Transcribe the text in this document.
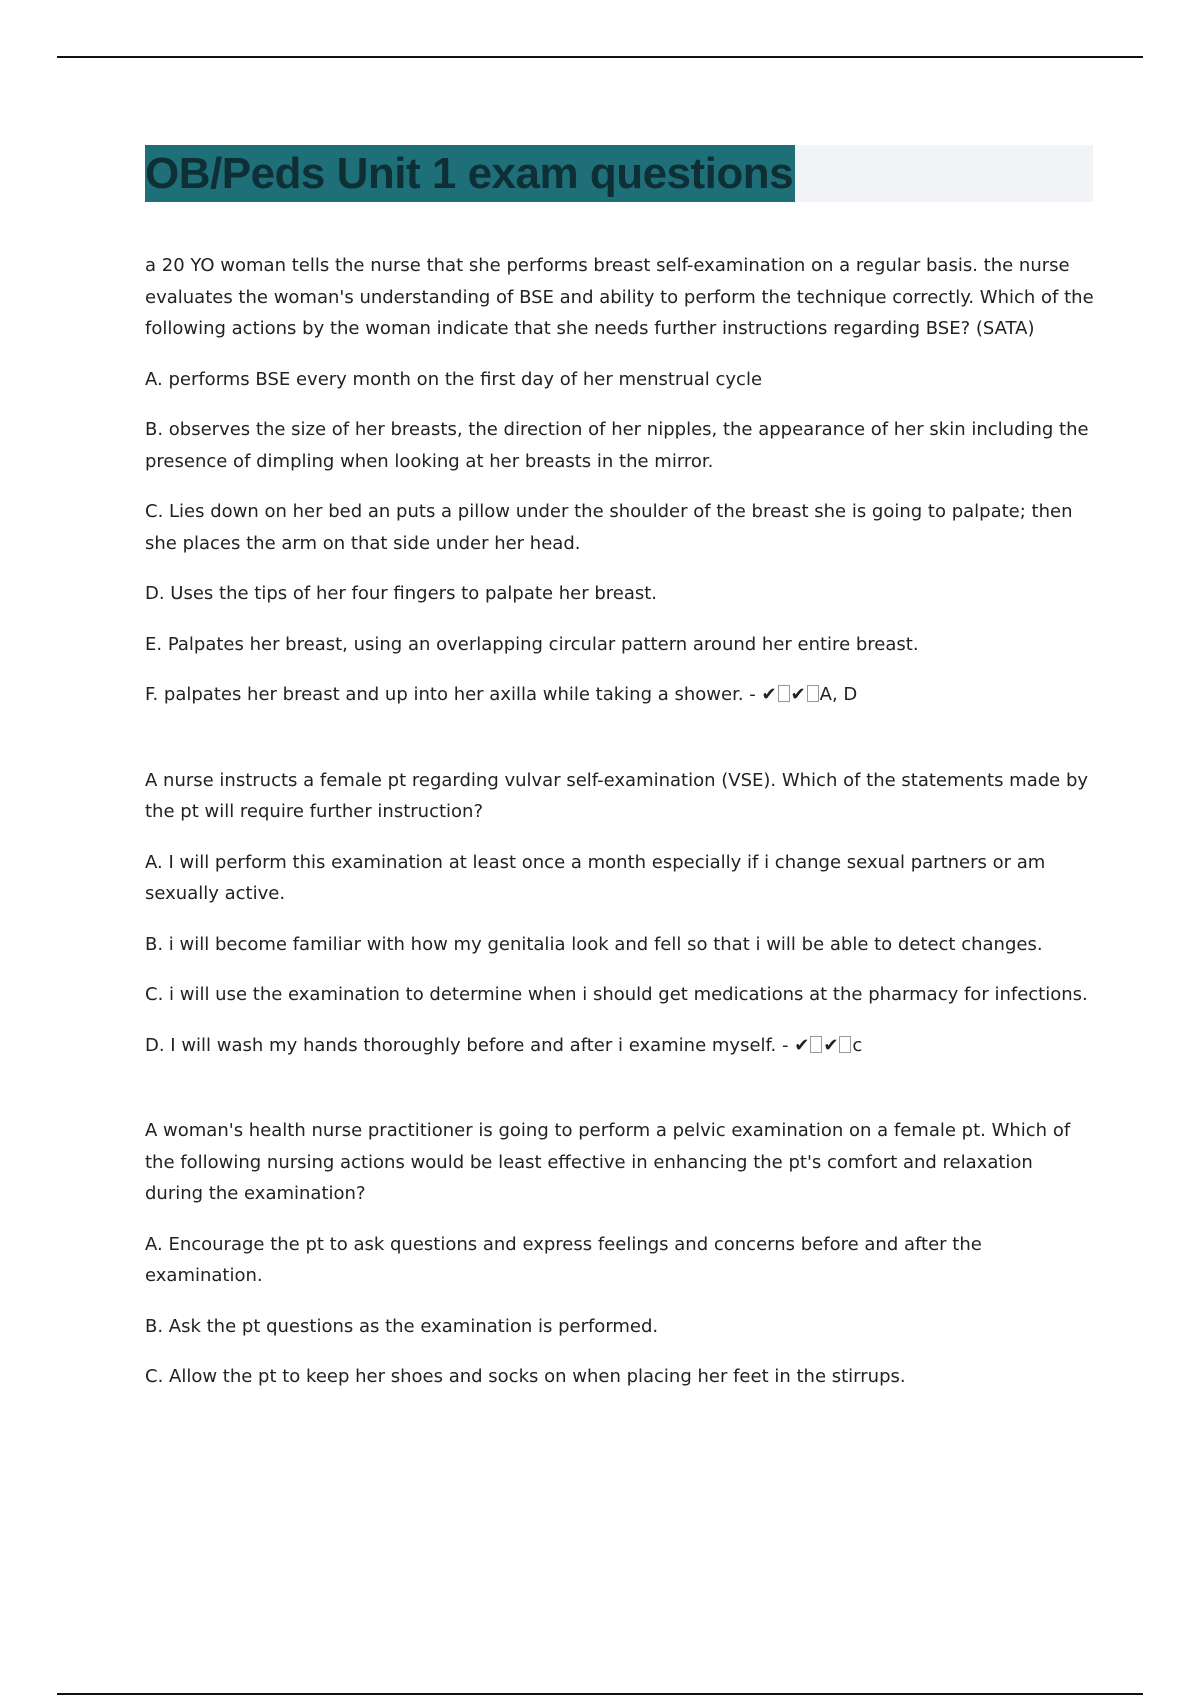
OB/Peds Unit 1 exam questions

a 20 YO woman tells the nurse that she performs breast self-examination on a regular basis. the nurse evaluates the woman's understanding of BSE and ability to perform the technique correctly. Which of the following actions by the woman indicate that she needs further instructions regarding BSE? (SATA)

A. performs BSE every month on the first day of her menstrual cycle

B. observes the size of her breasts, the direction of her nipples, the appearance of her skin including the presence of dimpling when looking at her breasts in the mirror.

C. Lies down on her bed an puts a pillow under the shoulder of the breast she is going to palpate; then she places the arm on that side under her head.

D. Uses the tips of her four fingers to palpate her breast.

E. Palpates her breast, using an overlapping circular pattern around her entire breast.

F. palpates her breast and up into her axilla while taking a shower. - ✔ ✔ A, D

A nurse instructs a female pt regarding vulvar self-examination (VSE). Which of the statements made by the pt will require further instruction?

A. I will perform this examination at least once a month especially if i change sexual partners or am sexually active.

B. i will become familiar with how my genitalia look and fell so that i will be able to detect changes.

C. i will use the examination to determine when i should get medications at the pharmacy for infections.

D. I will wash my hands thoroughly before and after i examine myself. - ✔ ✔ c

A woman's health nurse practitioner is going to perform a pelvic examination on a female pt. Which of the following nursing actions would be least effective in enhancing the pt's comfort and relaxation during the examination?

A. Encourage the pt to ask questions and express feelings and concerns before and after the examination.

B. Ask the pt questions as the examination is performed.

C. Allow the pt to keep her shoes and socks on when placing her feet in the stirrups.
